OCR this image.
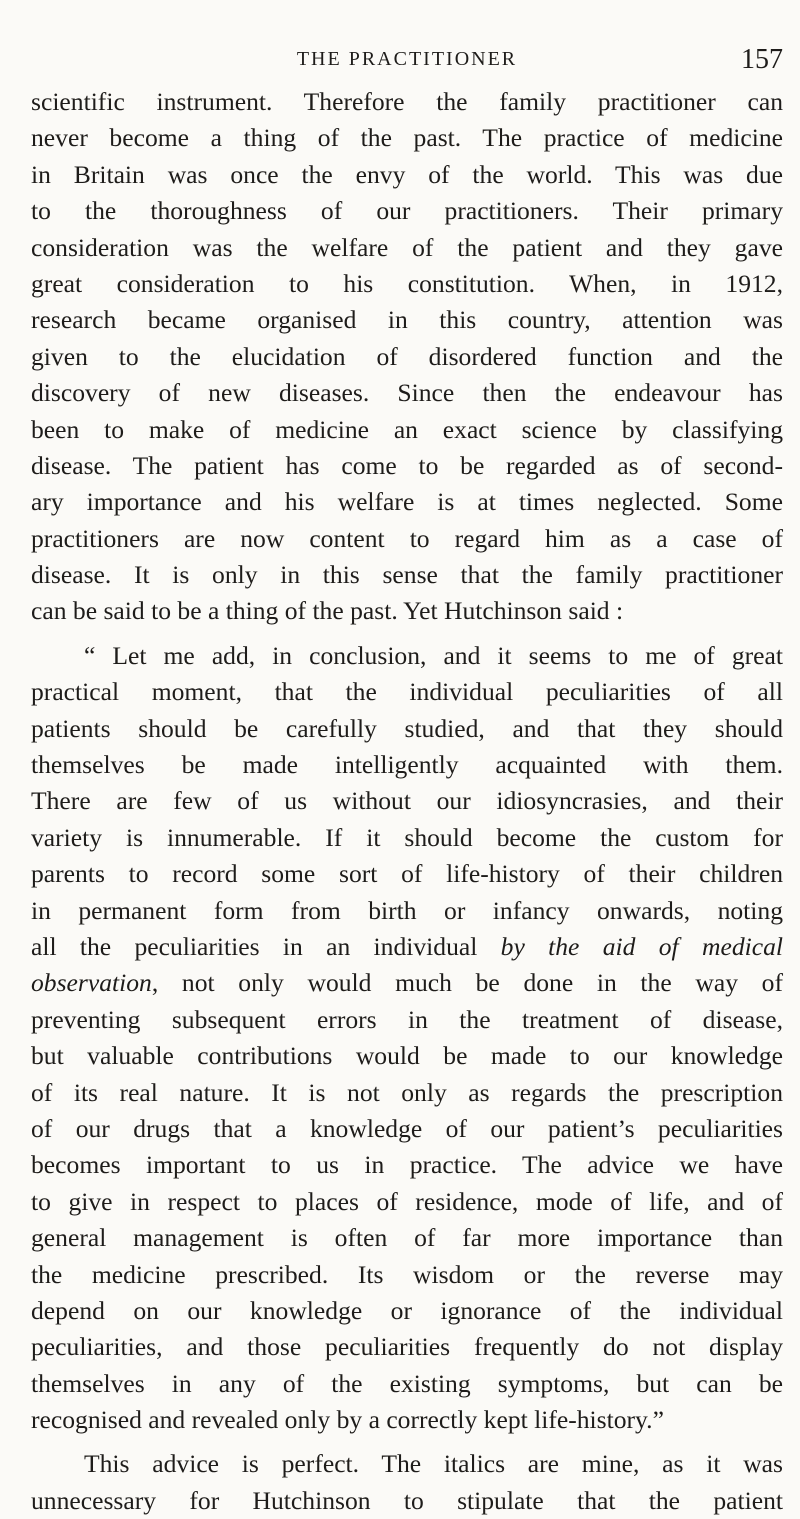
THE PRACTITIONER	157
scientific instrument. Therefore the family practitioner can
never become a thing of the past. The practice of medicine
in Britain was once the envy of the world. This was due
to the thoroughness of our practitioners. Their primary
consideration was the welfare of the patient and they gave
great consideration to his constitution. When, in 1912,
research became organised in this country, attention was
given to the elucidation of disordered function and the
discovery of new diseases. Since then the endeavour has
been to make of medicine an exact science by classifying
disease. The patient has come to be regarded as of second-
ary importance and his welfare is at times neglected. Some
practitioners are now content to regard him as a case of
disease. It is only in this sense that the family practitioner
can be said to be a thing of the past. Yet Hutchinson said :
“ Let me add, in conclusion, and it seems to me of great
practical moment, that the individual peculiarities of all
patients should be carefully studied, and that they should
themselves be made intelligently acquainted with them.
There are few of us without our idiosyncrasies, and their
variety is innumerable. If it should become the custom for
parents to record some sort of life-history of their children
in permanent form from birth or infancy onwards, noting
all the peculiarities in an individual by the aid of medical
observation, not only would much be done in the way of
preventing subsequent errors in the treatment of disease,
but valuable contributions would be made to our knowledge
of its real nature. It is not only as regards the prescription
of our drugs that a knowledge of our patient’s peculiarities
becomes important to us in practice. The advice we have
to give in respect to places of residence, mode of life, and of
general management is often of far more importance than
the medicine prescribed. Its wisdom or the reverse may
depend on our knowledge or ignorance of the individual
peculiarities, and those peculiarities frequently do not display
themselves in any of the existing symptoms, but can be
recognised and revealed only by a correctly kept life-history.”
This advice is perfect. The italics are mine, as it was
unnecessary for Hutchinson to stipulate that the patient
